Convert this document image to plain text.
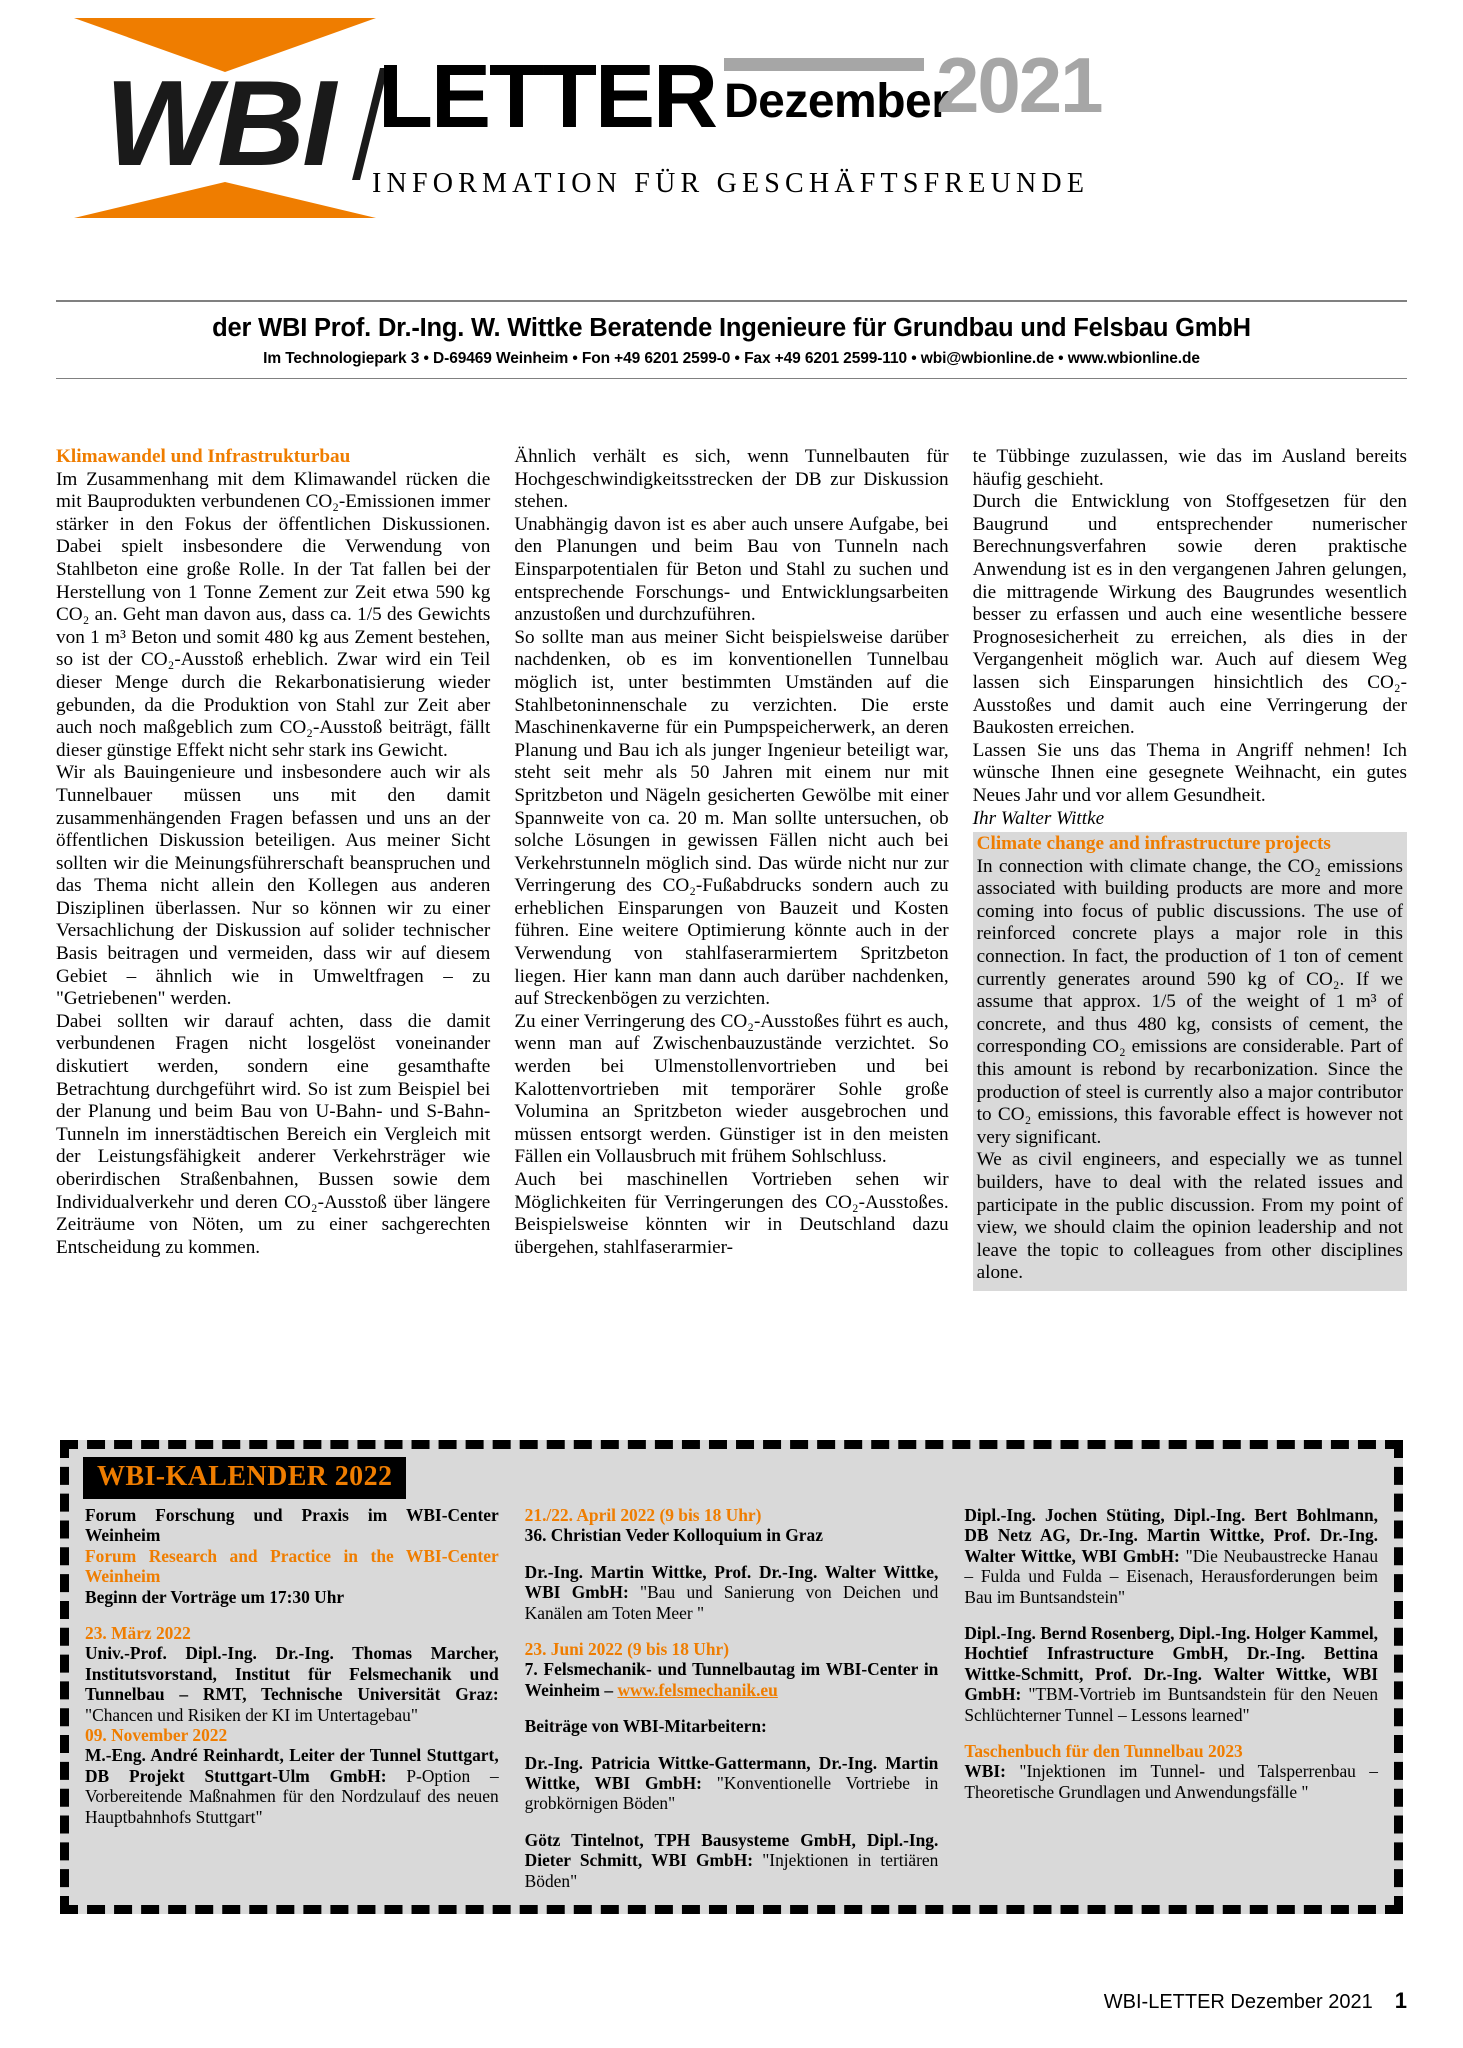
WBI LETTER Dezember
2021
INFORMATION FÜR GESCHÄFTSFREUNDE
der WBI Prof. Dr.-Ing. W. Wittke Beratende Ingenieure für Grundbau und Felsbau GmbH
Im Technologiepark 3 • D-69469 Weinheim • Fon +49 6201 2599-0 • Fax +49 6201 2599-110 • wbi@wbionline.de • www.wbionline.de

Klimawandel und Infrastrukturbau

Im Zusammenhang mit dem Klimawandel rücken die mit Bauprodukten verbundenen CO₂-Emissionen immer stärker in den Fokus der öffentlichen Diskussionen. Dabei spielt insbesondere die Verwendung von Stahlbeton eine große Rolle. In der Tat fallen bei der Herstellung von 1 Tonne Zement zur Zeit etwa 590 kg CO₂ an. Geht man davon aus, dass ca. 1/5 des Gewichts von 1 m³ Beton und somit 480 kg aus Zement bestehen, so ist der CO₂-Ausstoß erheblich. Zwar wird ein Teil dieser Menge durch die Rekarbonatisierung wieder gebunden, da die Produktion von Stahl zur Zeit aber auch noch maßgeblich zum CO₂-Ausstoß beiträgt, fällt dieser günstige Effekt nicht sehr stark ins Gewicht.

Wir als Bauingenieure und insbesondere auch wir als Tunnelbauer müssen uns mit den damit zusammenhängenden Fragen befassen und uns an der öffentlichen Diskussion beteiligen. Aus meiner Sicht sollten wir die Meinungsführerschaft beanspruchen und das Thema nicht allein den Kollegen aus anderen Disziplinen überlassen. Nur so können wir zu einer Versachlichung der Diskussion auf solider technischer Basis beitragen und vermeiden, dass wir auf diesem Gebiet – ähnlich wie in Umweltfragen – zu "Getriebenen" werden.

Dabei sollten wir darauf achten, dass die damit verbundenen Fragen nicht losgelöst voneinander diskutiert werden, sondern eine gesamthafte Betrachtung durchgeführt wird. So ist zum Beispiel bei der Planung und beim Bau von U-Bahn- und S-Bahn-Tunneln im innerstädtischen Bereich ein Vergleich mit der Leistungsfähigkeit anderer Verkehrsträger wie oberirdischen Straßenbahnen, Bussen sowie dem Individualverkehr und deren CO₂-Ausstoß über längere Zeiträume von Nöten, um zu einer sachgerechten Entscheidung zu kommen.

Ähnlich verhält es sich, wenn Tunnelbauten für Hochgeschwindigkeitsstrecken der DB zur Diskussion stehen.

Unabhängig davon ist es aber auch unsere Aufgabe, bei den Planungen und beim Bau von Tunneln nach Einsparpotentialen für Beton und Stahl zu suchen und entsprechende Forschungs- und Entwicklungsarbeiten anzustoßen und durchzuführen.

So sollte man aus meiner Sicht beispielsweise darüber nachdenken, ob es im konventionellen Tunnelbau möglich ist, unter bestimmten Umständen auf die Stahlbetoninnenschale zu verzichten. Die erste Maschinenkaverne für ein Pumpspeicherwerk, an deren Planung und Bau ich als junger Ingenieur beteiligt war, steht seit mehr als 50 Jahren mit einem nur mit Spritzbeton und Nägeln gesicherten Gewölbe mit einer Spannweite von ca. 20 m. Man sollte untersuchen, ob solche Lösungen in gewissen Fällen nicht auch bei Verkehrstunneln möglich sind. Das würde nicht nur zur Verringerung des CO₂-Fußabdrucks sondern auch zu erheblichen Einsparungen von Bauzeit und Kosten führen. Eine weitere Optimierung könnte auch in der Verwendung von stahlfaserarmiertem Spritzbeton liegen. Hier kann man dann auch darüber nachdenken, auf Streckenbögen zu verzichten.

Zu einer Verringerung des CO₂-Ausstoßes führt es auch, wenn man auf Zwischenbauzustände verzichtet. So werden bei Ulmenstollenvortrieben und bei Kalottenvortrieben mit temporärer Sohle große Volumina an Spritzbeton wieder ausgebrochen und müssen entsorgt werden. Günstiger ist in den meisten Fällen ein Vollausbruch mit frühem Sohlschluss.

Auch bei maschinellen Vortrieben sehen wir Möglichkeiten für Verringerungen des CO₂-Ausstoßes. Beispielsweise könnten wir in Deutschland dazu übergehen, stahlfaserarmier-

te Tübbinge zuzulassen, wie das im Ausland bereits häufig geschieht.

Durch die Entwicklung von Stoffgesetzen für den Baugrund und entsprechender numerischer Berechnungsverfahren sowie deren praktische Anwendung ist es in den vergangenen Jahren gelungen, die mittragende Wirkung des Baugrundes wesentlich besser zu erfassen und auch eine wesentliche bessere Prognosesicherheit zu erreichen, als dies in der Vergangenheit möglich war. Auch auf diesem Weg lassen sich Einsparungen hinsichtlich des CO₂-Ausstoßes und damit auch eine Verringerung der Baukosten erreichen.

Lassen Sie uns das Thema in Angriff nehmen! Ich wünsche Ihnen eine gesegnete Weihnacht, ein gutes Neues Jahr und vor allem Gesundheit.

Ihr Walter Wittke

Climate change and infrastructure projects

In connection with climate change, the CO₂ emissions associated with building products are more and more coming into focus of public discussions. The use of reinforced concrete plays a major role in this connection. In fact, the production of 1 ton of cement currently generates around 590 kg of CO₂. If we assume that approx. 1/5 of the weight of 1 m³ of concrete, and thus 480 kg, consists of cement, the corresponding CO₂ emissions are considerable. Part of this amount is rebond by recarbonization. Since the production of steel is currently also a major contributor to CO₂ emissions, this favorable effect is however not very significant.

We as civil engineers, and especially we as tunnel builders, have to deal with the related issues and participate in the public discussion. From my point of view, we should claim the opinion leadership and not leave the topic to colleagues from other disciplines alone.

WBI-KALENDER 2022

Forum Forschung und Praxis im WBI-Center Weinheim

Forum Research and Practice in the WBI-Center Weinheim

Beginn der Vorträge um 17:30 Uhr

23. März 2022

Univ.-Prof. Dipl.-Ing. Dr.-Ing. Thomas Marcher, Institutsvorstand, Institut für Felsmechanik und Tunnelbau – RMT, Technische Universität Graz: "Chancen und Risiken der KI im Untertagebau"

09. November 2022

M.-Eng. André Reinhardt, Leiter der Tunnel Stuttgart, DB Projekt Stuttgart-Ulm GmbH: P-Option – Vorbereitende Maßnahmen für den Nordzulauf des neuen Hauptbahnhofs Stuttgart"

21./22. April 2022 (9 bis 18 Uhr)

36. Christian Veder Kolloquium in Graz

Dr.-Ing. Martin Wittke, Prof. Dr.-Ing. Walter Wittke, WBI GmbH: "Bau und Sanierung von Deichen und Kanälen am Toten Meer "

23. Juni 2022 (9 bis 18 Uhr)

7. Felsmechanik- und Tunnelbautag im WBI-Center in Weinheim – www.felsmechanik.eu

Beiträge von WBI-Mitarbeitern:

Dr.-Ing. Patricia Wittke-Gattermann, Dr.-Ing. Martin Wittke, WBI GmbH: "Konventionelle Vortriebe in grobkörnigen Böden"

Götz Tintelnot, TPH Bausysteme GmbH, Dipl.-Ing. Dieter Schmitt, WBI GmbH: "Injektionen in tertiären Böden"

Dipl.-Ing. Jochen Stüting, Dipl.-Ing. Bert Bohlmann, DB Netz AG, Dr.-Ing. Martin Wittke, Prof. Dr.-Ing. Walter Wittke, WBI GmbH: "Die Neubaustrecke Hanau – Fulda und Fulda – Eisenach, Herausforderungen beim Bau im Buntsandstein"

Dipl.-Ing. Bernd Rosenberg, Dipl.-Ing. Holger Kammel, Hochtief Infrastructure GmbH, Dr.-Ing. Bettina Wittke-Schmitt, Prof. Dr.-Ing. Walter Wittke, WBI GmbH: "TBM-Vortrieb im Buntsandstein für den Neuen Schlüchterner Tunnel – Lessons learned"

Taschenbuch für den Tunnelbau 2023

WBI: "Injektionen im Tunnel- und Talsperrenbau – Theoretische Grundlagen und Anwendungsfälle "

WBI-LETTER Dezember 2021 1
